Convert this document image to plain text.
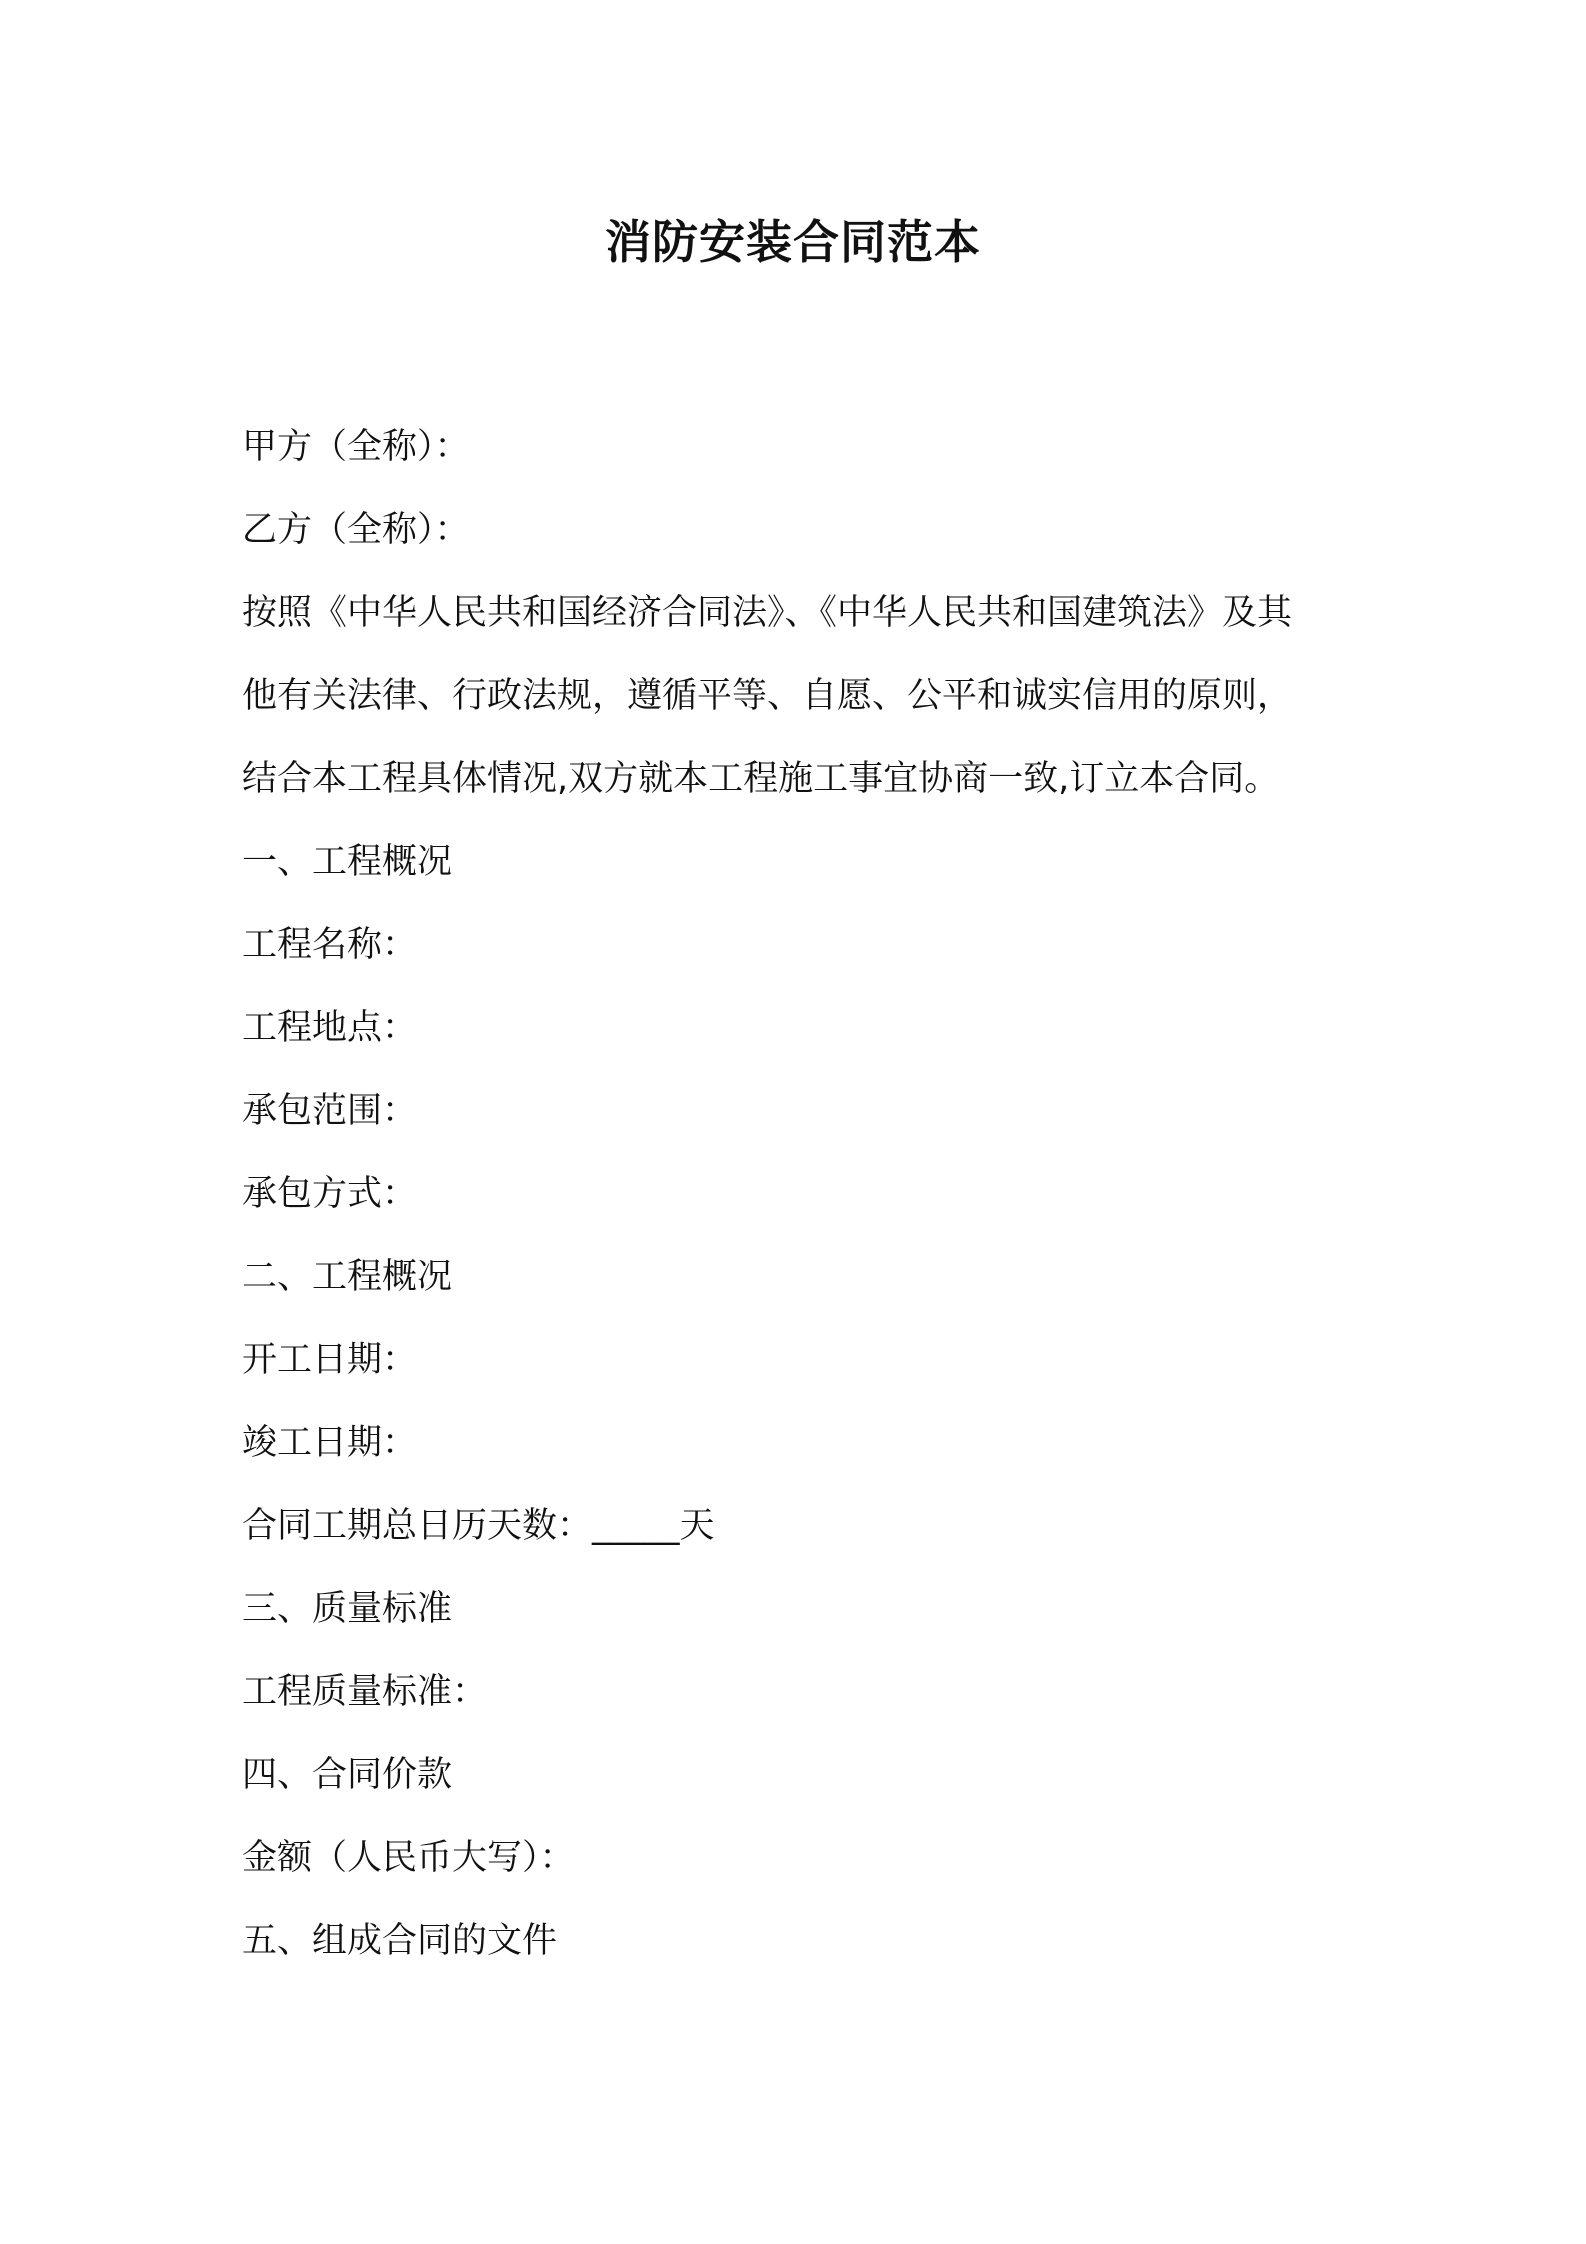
消防安装合同范本
甲方（全称）：
乙方（全称）：
按照《中华人民共和国经济合同法》、《中华人民共和国建筑法》及其
他有关法律、行政法规，遵循平等、自愿、公平和诚实信用的原则，
结合本工程具体情况,双方就本工程施工事宜协商一致,订立本合同。
一、工程概况
工程名称：
工程地点：
承包范围：
承包方式：
二、工程概况
开工日期：
竣工日期：
合同工期总日历天数：_____天
三、质量标准
工程质量标准：
四、合同价款
金额（人民币大写）：
五、组成合同的文件
